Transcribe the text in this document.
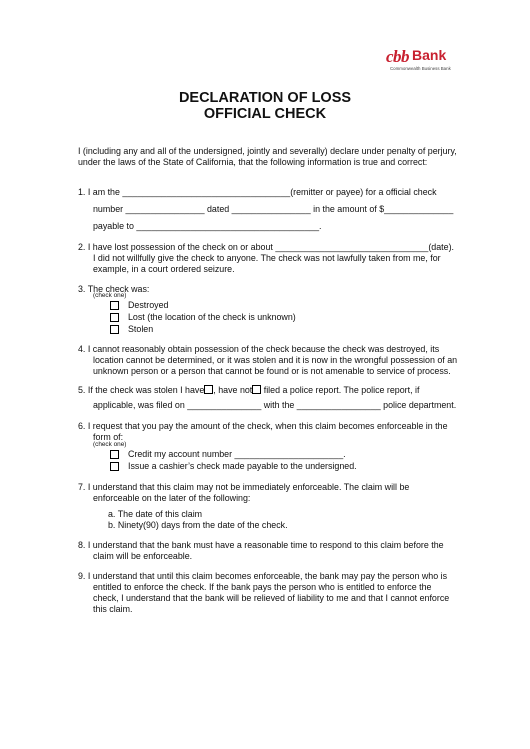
cbb Bank
Commonwealth Business Bank
DECLARATION OF LOSS
OFFICIAL CHECK
I (including any and all of the undersigned, jointly and severally) declare under penalty of perjury,
under the laws of the State of California, that the following information is true and correct:
1. I am the __________________________________(remitter or payee) for a official check
number ________________ dated ________________ in the amount of $______________
payable to _____________________________________.
2. I have lost possession of the check on or about _______________________________(date).
I did not willfully give the check to anyone. The check was not lawfully taken from me, for
example, in a court ordered seizure.
3. The check was:
(check one)
Destroyed
Lost (the location of the check is unknown)
Stolen
4. I cannot reasonably obtain possession of the check because the check was destroyed, its
location cannot be determined, or it was stolen and it is now in the wrongful possession of an
unknown person or a person that cannot be found or is not amenable to service of process.
5. If the check was stolen I have , have not filed a police report. The police report, if
applicable, was filed on _______________ with the _________________ police department.
6. I request that you pay the amount of the check, when this claim becomes enforceable in the
form of:
(check one)
Credit my account number ______________________.
Issue a cashier’s check made payable to the undersigned.
7. I understand that this claim may not be immediately enforceable. The claim will be
enforceable on the later of the following:
a. The date of this claim
b. Ninety(90) days from the date of the check.
8. I understand that the bank must have a reasonable time to respond to this claim before the
claim will be enforceable.
9. I understand that until this claim becomes enforceable, the bank may pay the person who is
entitled to enforce the check. If the bank pays the person who is entitled to enforce the
check, I understand that the bank will be relieved of liability to me and that I cannot enforce
this claim.
